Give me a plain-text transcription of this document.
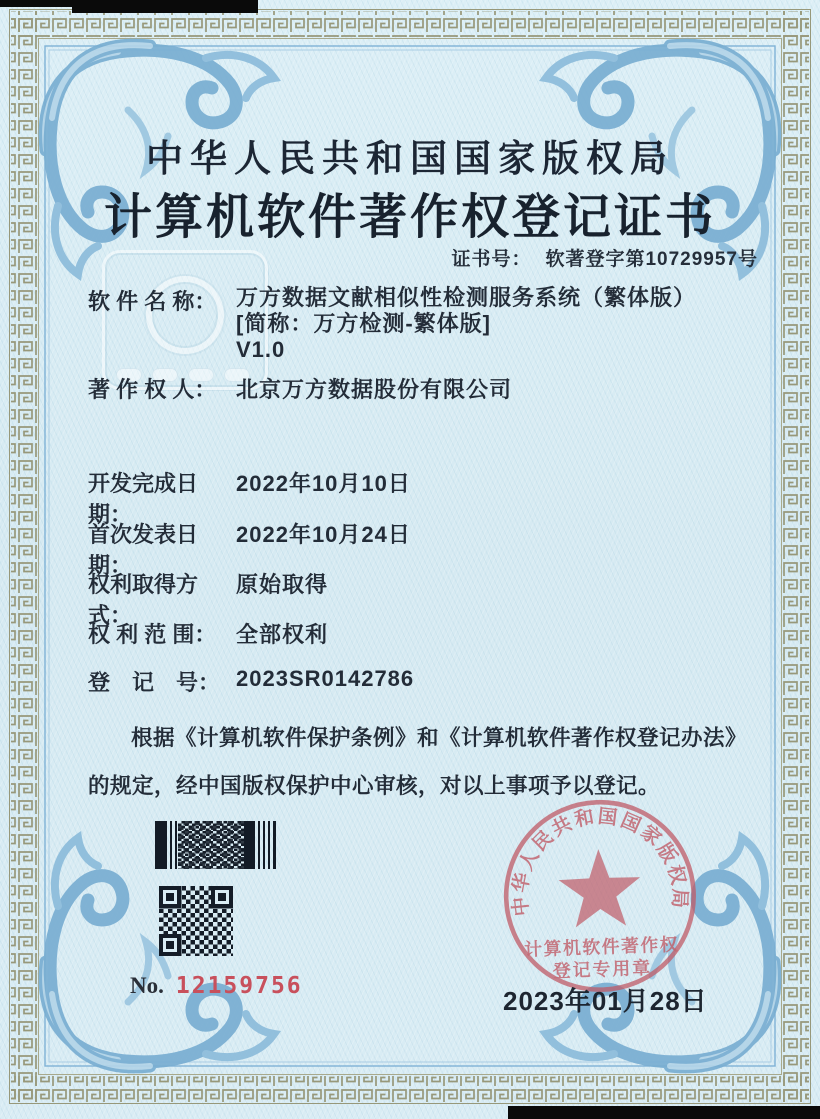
中华人民共和国国家版权局
计算机软件著作权登记证书
证书号： 软著登字第10729957号
软 件 名 称： 万方数据文献相似性检测服务系统（繁体版）
[简称：万方检测-繁体版]
V1.0
著 作 权 人： 北京万方数据股份有限公司
开发完成日期：
2022年10月10日
首次发表日期：
2022年10月24日
权利取得方式：
原始取得
权 利 范 围： 全部权利
登　记　号： 2023SR0142786

根据《计算机软件保护条例》和《计算机软件著作权登记办法》的规定，经中国版权保护中心审核，对以上事项予以登记。

No. 12159756
中华人民共和国国家版权局
计算机软件著作权
登记专用章
2023年01月28日
